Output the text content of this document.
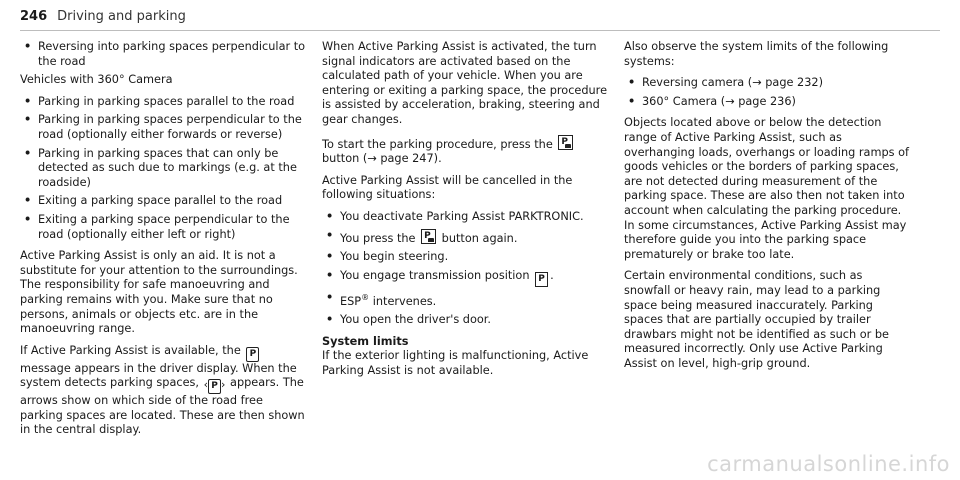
246 Driving and parking
• Reversing into parking spaces perpendicular to the road

Vehicles with 360° Camera

• Parking in parking spaces parallel to the road
• Parking in parking spaces perpendicular to the road (optionally either forwards or reverse)
• Parking in parking spaces that can only be detected as such due to markings (e.g. at the roadside)
• Exiting a parking space parallel to the road
• Exiting a parking space perpendicular to the road (optionally either left or right)

Active Parking Assist is only an aid. It is not a substitute for your attention to the surroundings. The responsibility for safe manoeuvring and parking remains with you. Make sure that no persons, animals or objects etc. are in the manoeuvring range.

If Active Parking Assist is available, the P message appears in the driver display. When the system detects parking spaces, ‹ P › appears. The arrows show on which side of the road free parking spaces are located. These are then shown in the central display.

When Active Parking Assist is activated, the turn signal indicators are activated based on the calculated path of your vehicle. When you are entering or exiting a parking space, the procedure is assisted by acceleration, braking, steering and gear changes.

To start the parking procedure, press the
P button (→ page 247).

Active Parking Assist will be cancelled in the following situations:

• You deactivate Parking Assist PARKTRONIC.
• You press the
P button again.
• You begin steering.
• You engage transmission position P .
• ESP® intervenes.
• You open the driver's door.

System limits

If the exterior lighting is malfunctioning, Active Parking Assist is not available.

Also observe the system limits of the following systems:

• Reversing camera (→ page 232)
• 360° Camera (→ page 236)

Objects located above or below the detection range of Active Parking Assist, such as overhanging loads, overhangs or loading ramps of goods vehicles or the borders of parking spaces, are not detected during measurement of the parking space. These are also then not taken into account when calculating the parking procedure. In some circumstances, Active Parking Assist may therefore guide you into the parking space prematurely or brake too late.

Certain environmental conditions, such as snowfall or heavy rain, may lead to a parking space being measured inaccurately. Parking spaces that are partially occupied by trailer drawbars might not be identified as such or be measured incorrectly. Only use Active Parking Assist on level, high-grip ground.

carmanualsonline.info
